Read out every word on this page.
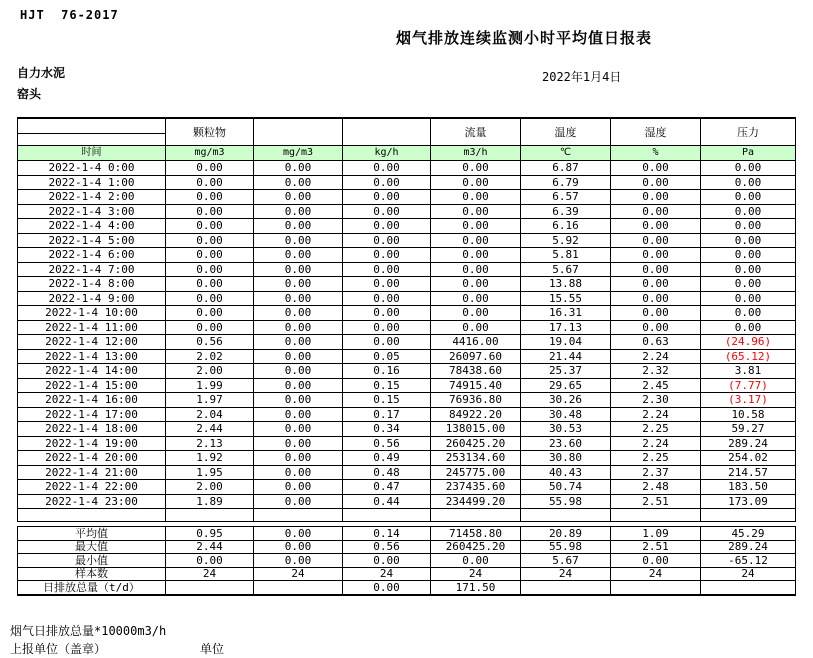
HJT  76-2017
烟气排放连续监测小时平均值日报表
自力水泥
窑头
2022年1月4日
	颗粒物			流量	温度	湿度	压力

时间	mg/m3	mg/m3	kg/h	m3/h	℃	%	Pa
2022-1-4 0:00	0.00	0.00	0.00	0.00	6.87	0.00	0.00
2022-1-4 1:00	0.00	0.00	0.00	0.00	6.79	0.00	0.00
2022-1-4 2:00	0.00	0.00	0.00	0.00	6.57	0.00	0.00
2022-1-4 3:00	0.00	0.00	0.00	0.00	6.39	0.00	0.00
2022-1-4 4:00	0.00	0.00	0.00	0.00	6.16	0.00	0.00
2022-1-4 5:00	0.00	0.00	0.00	0.00	5.92	0.00	0.00
2022-1-4 6:00	0.00	0.00	0.00	0.00	5.81	0.00	0.00
2022-1-4 7:00	0.00	0.00	0.00	0.00	5.67	0.00	0.00
2022-1-4 8:00	0.00	0.00	0.00	0.00	13.88	0.00	0.00
2022-1-4 9:00	0.00	0.00	0.00	0.00	15.55	0.00	0.00
2022-1-4 10:00	0.00	0.00	0.00	0.00	16.31	0.00	0.00
2022-1-4 11:00	0.00	0.00	0.00	0.00	17.13	0.00	0.00
2022-1-4 12:00	0.56	0.00	0.00	4416.00	19.04	0.63	(24.96)
2022-1-4 13:00	2.02	0.00	0.05	26097.60	21.44	2.24	(65.12)
2022-1-4 14:00	2.00	0.00	0.16	78438.60	25.37	2.32	3.81
2022-1-4 15:00	1.99	0.00	0.15	74915.40	29.65	2.45	(7.77)
2022-1-4 16:00	1.97	0.00	0.15	76936.80	30.26	2.30	(3.17)
2022-1-4 17:00	2.04	0.00	0.17	84922.20	30.48	2.24	10.58
2022-1-4 18:00	2.44	0.00	0.34	138015.00	30.53	2.25	59.27
2022-1-4 19:00	2.13	0.00	0.56	260425.20	23.60	2.24	289.24
2022-1-4 20:00	1.92	0.00	0.49	253134.60	30.80	2.25	254.02
2022-1-4 21:00	1.95	0.00	0.48	245775.00	40.43	2.37	214.57
2022-1-4 22:00	2.00	0.00	0.47	237435.60	50.74	2.48	183.50
2022-1-4 23:00	1.89	0.00	0.44	234499.20	55.98	2.51	173.09

平均值	0.95	0.00	0.14	71458.80	20.89	1.09	45.29
最大值	2.44	0.00	0.56	260425.20	55.98	2.51	289.24
最小值	0.00	0.00	0.00	0.00	5.67	0.00	-65.12
样本数	24	24	24	24	24	24	24
日排放总量（t/d）			0.00	171.50			
烟气日排放总量*10000m3/h
上报单位（盖章）	单位
